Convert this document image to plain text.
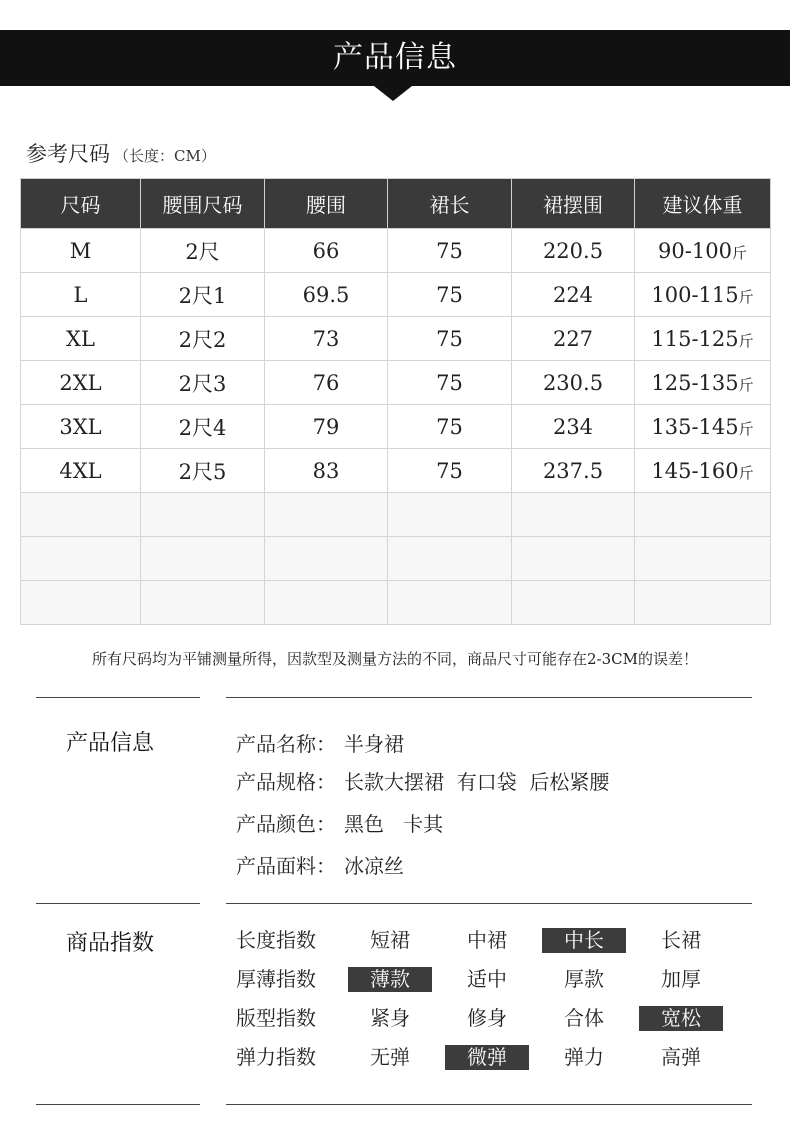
产品信息
参考尺码 （长度：CM）
尺码	腰围尺码	腰围	裙长	裙摆围	建议体重
M	2尺	66	75	220.5	90-100斤
L	2尺1	69.5	75	224	100-115斤
XL	2尺2	73	75	227	115-125斤
2XL	2尺3	76	75	230.5	125-135斤
3XL	2尺4	79	75	234	135-145斤
4XL	2尺5	83	75	237.5	145-160斤

所有尺码均为平铺测量所得，因款型及测量方法的不同，商品尺寸可能存在2-3CM的误差！
产品信息	产品名称： 半身裙
产品规格： 长款大摆裙  有口袋  后松紧腰
产品颜色： 黑色   卡其
产品面料： 冰凉丝
商品指数	长度指数	短裙	中裙	中长	长裙
厚薄指数	薄款	适中	厚款	加厚
版型指数	紧身	修身	合体	宽松
弹力指数	无弹	微弹	弹力	高弹
